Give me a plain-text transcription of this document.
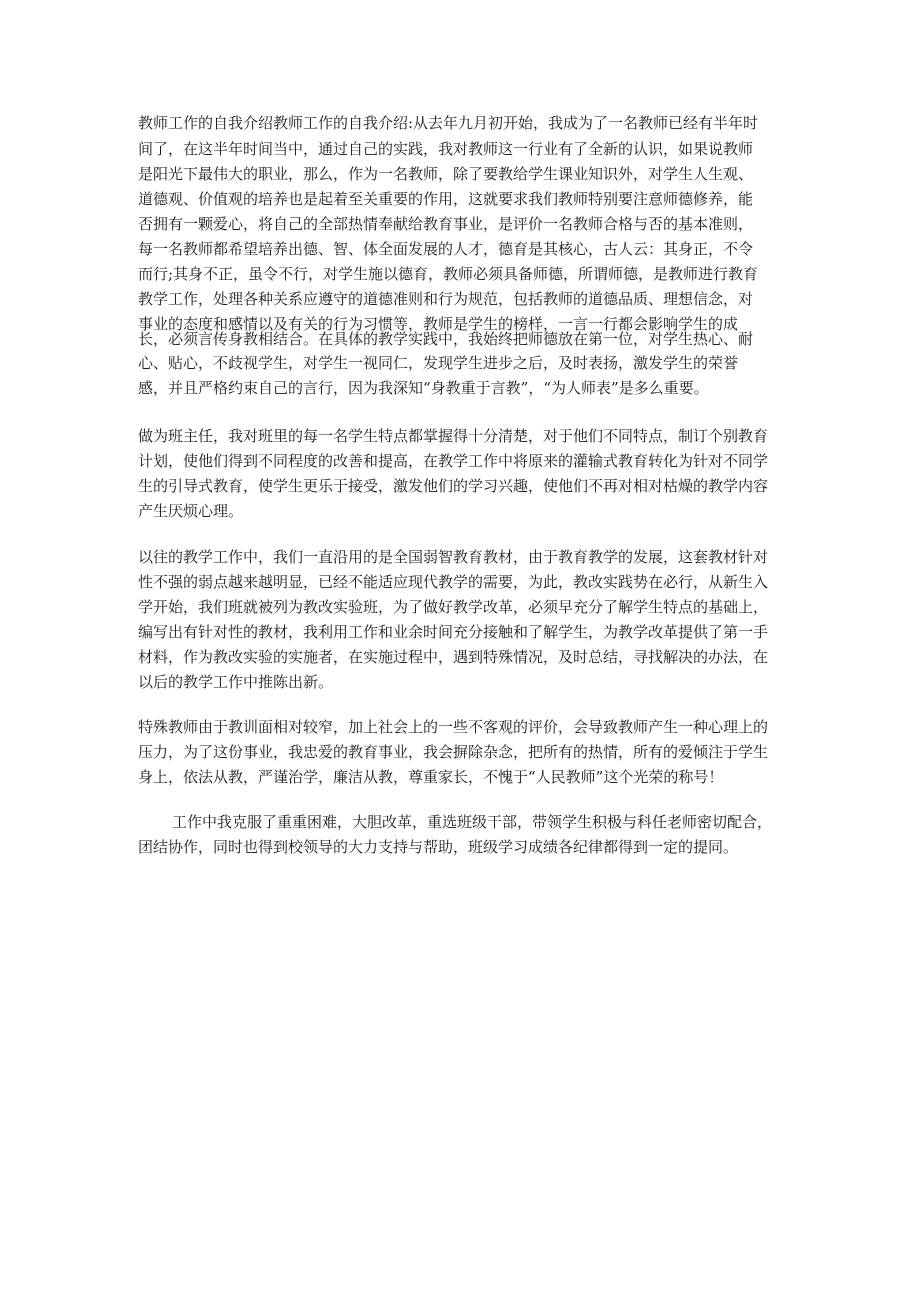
教师工作的自我介绍教师工作的自我介绍:从去年九月初开始，我成为了一名教师已经有半年时
间了，在这半年时间当中，通过自己的实践，我对教师这一行业有了全新的认识，如果说教师
是阳光下最伟大的职业，那么，作为一名教师，除了要教给学生课业知识外，对学生人生观、
道德观、价值观的培养也是起着至关重要的作用，这就要求我们教师特别要注意师德修养，能
否拥有一颗爱心，将自己的全部热情奉献给教育事业，是评价一名教师合格与否的基本准则，
每一名教师都希望培养出德、智、体全面发展的人才，德育是其核心，古人云：其身正，不令
而行;其身不正，虽令不行，对学生施以德育，教师必须具备师德，所谓师德，是教师进行教育
教学工作，处理各种关系应遵守的道德准则和行为规范，包括教师的道德品质、理想信念，对
事业的态度和感情以及有关的行为习惯等，教师是学生的榜样，一言一行都会影响学生的成
长，必须言传身教相结合。在具体的教学实践中，我始终把师德放在第一位，对学生热心、耐
心、贴心，不歧视学生，对学生一视同仁，发现学生进步之后，及时表扬，激发学生的荣誉
感，并且严格约束自己的言行，因为我深知“身教重于言教”，“为人师表”是多么重要。
做为班主任，我对班里的每一名学生特点都掌握得十分清楚，对于他们不同特点，制订个别教育
计划，使他们得到不同程度的改善和提高，在教学工作中将原来的灌输式教育转化为针对不同学
生的引导式教育，使学生更乐于接受，激发他们的学习兴趣，使他们不再对相对枯燥的教学内容
产生厌烦心理。
以往的教学工作中，我们一直沿用的是全国弱智教育教材，由于教育教学的发展，这套教材针对
性不强的弱点越来越明显，已经不能适应现代教学的需要，为此，教改实践势在必行，从新生入
学开始，我们班就被列为教改实验班，为了做好教学改革，必须早充分了解学生特点的基础上，
编写出有针对性的教材，我利用工作和业余时间充分接触和了解学生，为教学改革提供了第一手
材料，作为教改实验的实施者，在实施过程中，遇到特殊情况，及时总结，寻找解决的办法，在
以后的教学工作中推陈出新。
特殊教师由于教训面相对较窄，加上社会上的一些不客观的评价，会导致教师产生一种心理上的
压力，为了这份事业，我忠爱的教育事业，我会摒除杂念，把所有的热情，所有的爱倾注于学生
身上，依法从教，严谨治学，廉洁从教，尊重家长，不愧于“人民教师”这个光荣的称号！
工作中我克服了重重困难，大胆改革，重选班级干部，带领学生积极与科任老师密切配合，
团结协作，同时也得到校领导的大力支持与帮助，班级学习成绩各纪律都得到一定的提同。
